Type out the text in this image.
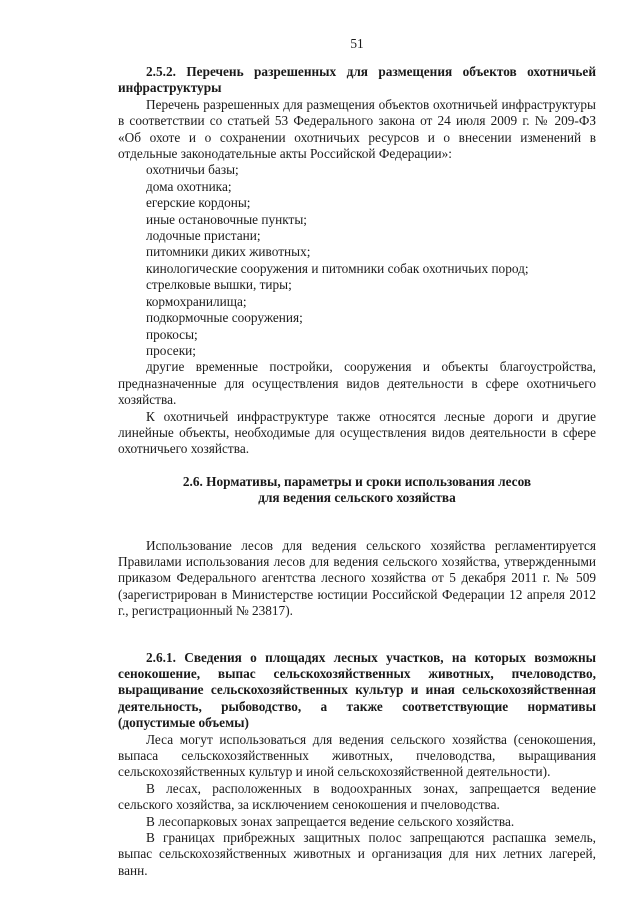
51

2.5.2. Перечень разрешенных для размещения объектов охотничьей инфраструктуры

Перечень разрешенных для размещения объектов охотничьей инфраструктуры в соответствии со статьей 53 Федерального закона от 24 июля 2009 г. № 209-ФЗ «Об охоте и о сохранении охотничьих ресурсов и о внесении изменений в отдельные законодательные акты Российской Федерации»:

охотничьи базы;
дома охотника;
егерские кордоны;
иные остановочные пункты;
лодочные пристани;
питомники диких животных;
кинологические сооружения и питомники собак охотничьих пород;
стрелковые вышки, тиры;
кормохранилища;
подкормочные сооружения;
прокосы;
просеки;

другие временные постройки, сооружения и объекты благоустройства, предназначенные для осуществления видов деятельности в сфере охотничьего хозяйства.

К охотничьей инфраструктуре также относятся лесные дороги и другие линейные объекты, необходимые для осуществления видов деятельности в сфере охотничьего хозяйства.

2.6. Нормативы, параметры и сроки использования лесов
для ведения сельского хозяйства

Использование лесов для ведения сельского хозяйства регламентируется Правилами использования лесов для ведения сельского хозяйства, утвержденными приказом Федерального агентства лесного хозяйства от 5 декабря 2011 г. № 509 (зарегистрирован в Министерстве юстиции Российской Федерации 12 апреля 2012 г., регистрационный № 23817).

2.6.1. Сведения о площадях лесных участков, на которых возможны сенокошение, выпас сельскохозяйственных животных, пчеловодство, выращивание сельскохозяйственных культур и иная сельскохозяйственная деятельность, рыбоводство, а также соответствующие нормативы (допустимые объемы)

Леса могут использоваться для ведения сельского хозяйства (сенокошения, выпаса сельскохозяйственных животных, пчеловодства, выращивания сельскохозяйственных культур и иной сельскохозяйственной деятельности).

В лесах, расположенных в водоохранных зонах, запрещается ведение сельского хозяйства, за исключением сенокошения и пчеловодства.

В лесопарковых зонах запрещается ведение сельского хозяйства.

В границах прибрежных защитных полос запрещаются распашка земель, выпас сельскохозяйственных животных и организация для них летних лагерей, ванн.
